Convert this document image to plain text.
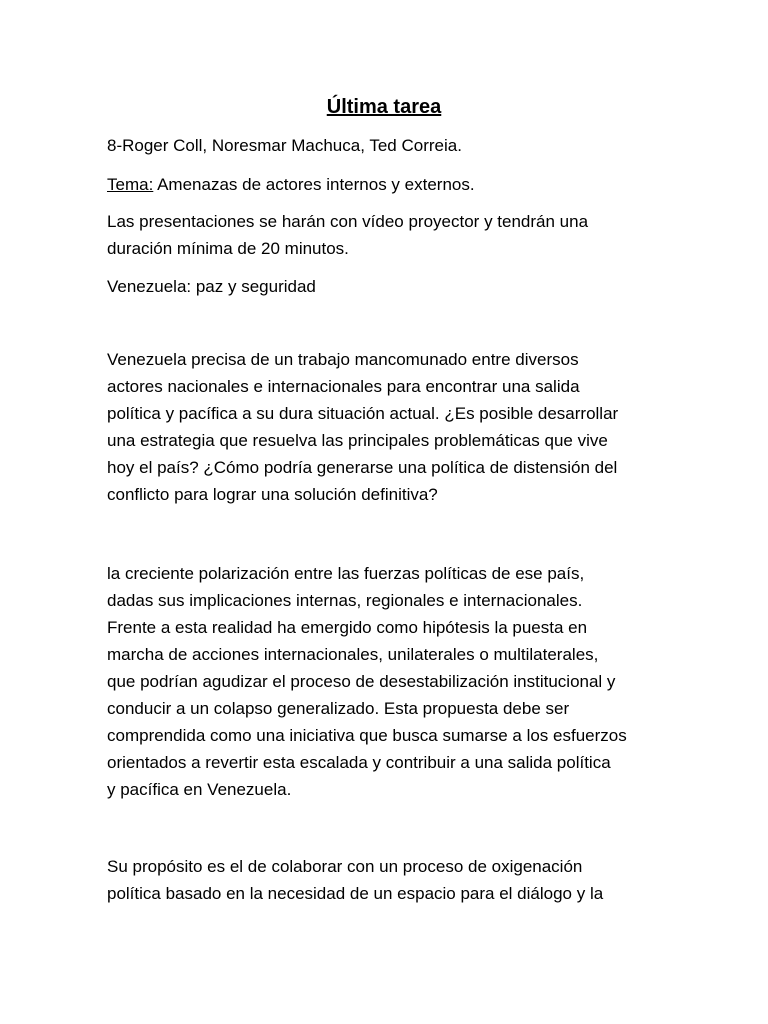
Última tarea
8-Roger Coll, Noresmar Machuca, Ted Correia.
Tema: Amenazas de actores internos y externos.
Las presentaciones se harán con vídeo proyector y tendrán una
duración mínima de 20 minutos.
Venezuela: paz y seguridad
Venezuela precisa de un trabajo mancomunado entre diversos
actores nacionales e internacionales para encontrar una salida
política y pacífica a su dura situación actual. ¿Es posible desarrollar
una estrategia que resuelva las principales problemáticas que vive
hoy el país? ¿Cómo podría generarse una política de distensión del
conflicto para lograr una solución definitiva?
la creciente polarización entre las fuerzas políticas de ese país,
dadas sus implicaciones internas, regionales e internacionales.
Frente a esta realidad ha emergido como hipótesis la puesta en
marcha de acciones internacionales, unilaterales o multilaterales,
que podrían agudizar el proceso de desestabilización institucional y
conducir a un colapso generalizado. Esta propuesta debe ser
comprendida como una iniciativa que busca sumarse a los esfuerzos
orientados a revertir esta escalada y contribuir a una salida política
y pacífica en Venezuela.
Su propósito es el de colaborar con un proceso de oxigenación
política basado en la necesidad de un espacio para el diálogo y la
